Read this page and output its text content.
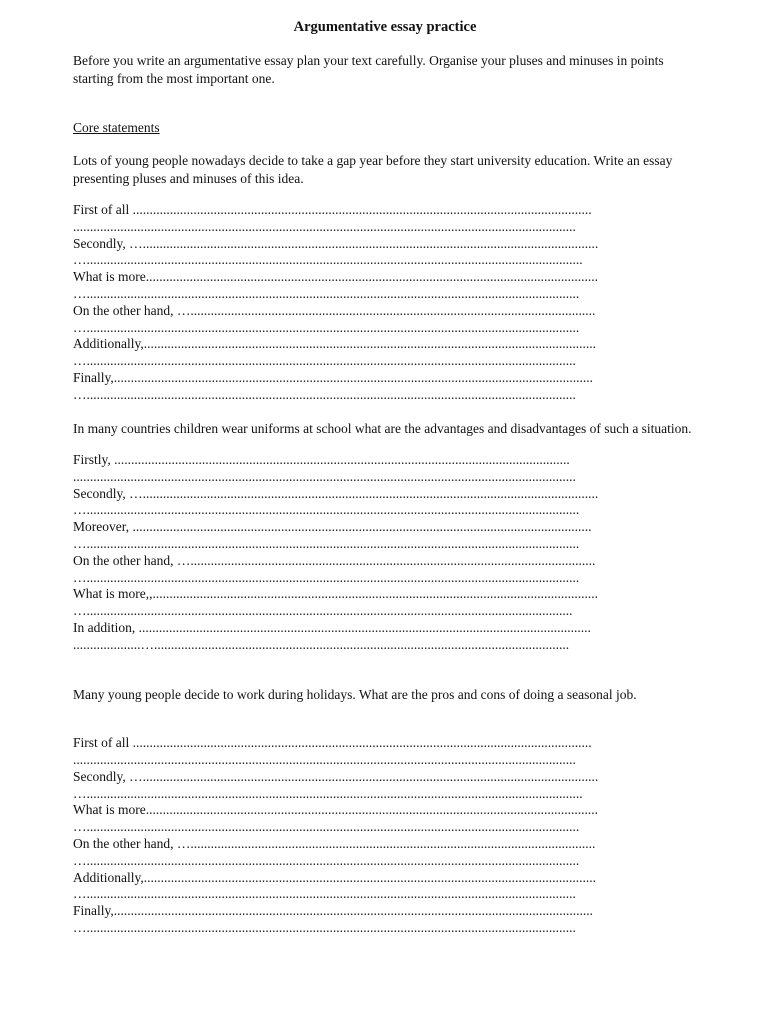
Argumentative essay practice

Before you write an argumentative essay plan your text carefully. Organise your pluses and minuses in points starting from the most important one.

Core statements

Lots of young people nowadays decide to take a gap year before they start university education. Write an essay presenting pluses and minuses of this idea.

First of all ........................................................................................................................................
.....................................................................................................................................................
Secondly, ….......................................................................................................................................
…...................................................................................................................................................
What is more......................................................................................................................................
…..................................................................................................................................................
On the other hand, …........................................................................................................................
…..................................................................................................................................................
Additionally,......................................................................................................................................
….................................................................................................................................................
Finally,..............................................................................................................................................
….................................................................................................................................................

In many countries children wear uniforms at school what are the advantages and disadvantages of such a situation.

Firstly, .......................................................................................................................................
.....................................................................................................................................................
Secondly, ….......................................................................................................................................
…..................................................................................................................................................
Moreover, ........................................................................................................................................
…..................................................................................................................................................
On the other hand, …........................................................................................................................
…..................................................................................................................................................
What is more,,....................................................................................................................................
…................................................................................................................................................
In addition, ......................................................................................................................................
....................…...........................................................................................................................

Many young people decide to work during holidays. What are the pros and cons of doing a seasonal job.

First of all ........................................................................................................................................
.....................................................................................................................................................
Secondly, ….......................................................................................................................................
…...................................................................................................................................................
What is more......................................................................................................................................
…..................................................................................................................................................
On the other hand, …........................................................................................................................
…..................................................................................................................................................
Additionally,......................................................................................................................................
….................................................................................................................................................
Finally,..............................................................................................................................................
….................................................................................................................................................
